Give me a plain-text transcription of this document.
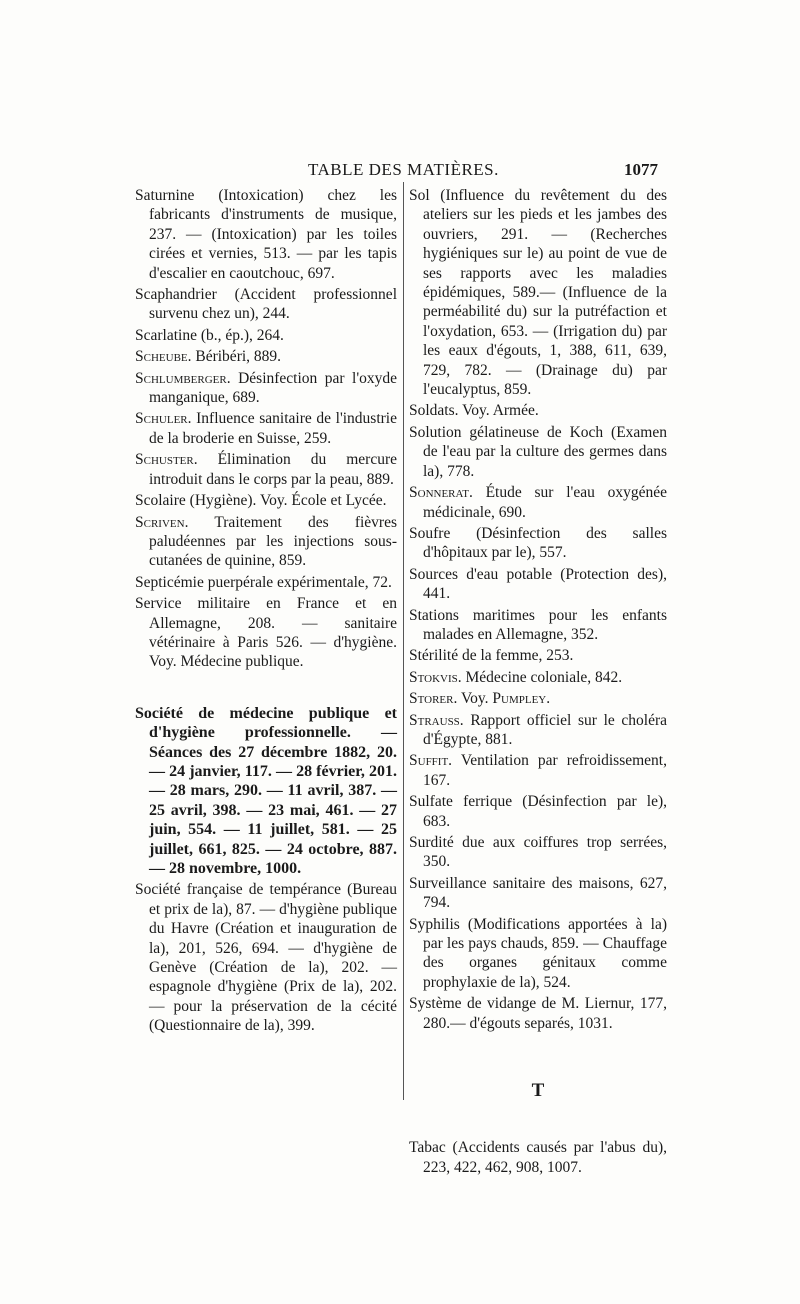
TABLE DES MATIÈRES.	1077

Saturnine (Intoxication) chez les fabricants d'instruments de musique, 237. — (Intoxication) par les toiles cirées et vernies, 513. — par les tapis d'escalier en caoutchouc, 697.

Scaphandrier (Accident professionnel survenu chez un), 244.

Scarlatine (b., ép.), 264.

Scheube. Béribéri, 889.

Schlumberger. Désinfection par l'oxyde manganique, 689.

Schuler. Influence sanitaire de l'industrie de la broderie en Suisse, 259.

Schuster. Élimination du mercure introduit dans le corps par la peau, 889.

Scolaire (Hygiène). Voy. École et Lycée.

Scriven. Traitement des fièvres paludéennes par les injections sous-cutanées de quinine, 859.

Septicémie puerpérale expérimentale, 72.

Service militaire en France et en Allemagne, 208. — sanitaire vétérinaire à Paris 526. — d'hygiène. Voy. Médecine publique.

Société de médecine publique et d'hygiène professionnelle. — Séances des 27 décembre 1882, 20. — 24 janvier, 117. — 28 février, 201. — 28 mars, 290. — 11 avril, 387. — 25 avril, 398. — 23 mai, 461. — 27 juin, 554. — 11 juillet, 581. — 25 juillet, 661, 825. — 24 octobre, 887. — 28 novembre, 1000.

Société française de tempérance (Bureau et prix de la), 87. — d'hygiène publique du Havre (Création et inauguration de la), 201, 526, 694. — d'hygiène de Genève (Création de la), 202. — espagnole d'hygiène (Prix de la), 202. — pour la préservation de la cécité (Questionnaire de la), 399.

Sol (Influence du revêtement du des ateliers sur les pieds et les jambes des ouvriers, 291. — (Recherches hygiéniques sur le) au point de vue de ses rapports avec les maladies épidémiques, 589.— (Influence de la perméabilité du) sur la putréfaction et l'oxydation, 653. — (Irrigation du) par les eaux d'égouts, 1, 388, 611, 639, 729, 782. — (Drainage du) par l'eucalyptus, 859.

Soldats. Voy. Armée.

Solution gélatineuse de Koch (Examen de l'eau par la culture des germes dans la), 778.

Sonnerat. Étude sur l'eau oxygénée médicinale, 690.

Soufre (Désinfection des salles d'hôpitaux par le), 557.

Sources d'eau potable (Protection des), 441.

Stations maritimes pour les enfants malades en Allemagne, 352.

Stérilité de la femme, 253.

Stokvis. Médecine coloniale, 842.

Storer. Voy. Pumpley.

Strauss. Rapport officiel sur le choléra d'Égypte, 881.

Suffit. Ventilation par refroidissement, 167.

Sulfate ferrique (Désinfection par le), 683.

Surdité due aux coiffures trop serrées, 350.

Surveillance sanitaire des maisons, 627, 794.

Syphilis (Modifications apportées à la) par les pays chauds, 859. — Chauffage des organes génitaux comme prophylaxie de la), 524.

Système de vidange de M. Liernur, 177, 280.— d'égouts separés, 1031.

T

Tabac (Accidents causés par l'abus du), 223, 422, 462, 908, 1007.
